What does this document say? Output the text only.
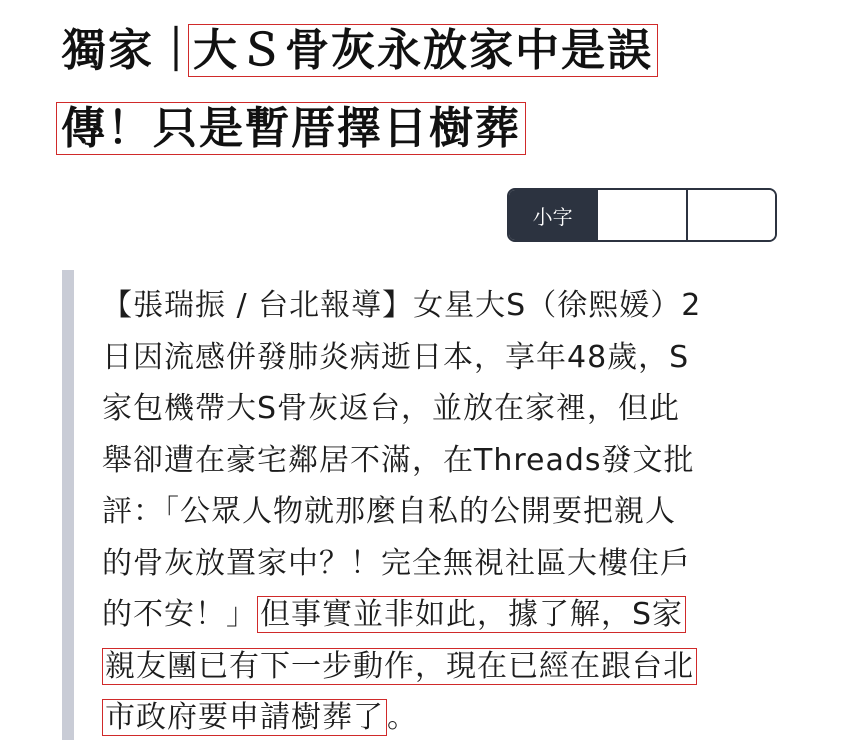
獨家｜大Ｓ骨灰永放家中是誤
傳！只是暫厝擇日樹葬
小字
【張瑞振 / 台北報導】女星大S（徐熙媛）2
日因流感併發肺炎病逝日本，享年48歲，S
家包機帶大S骨灰返台，並放在家裡，但此
舉卻遭在豪宅鄰居不滿，在Threads發文批
評：「公眾人物就那麼自私的公開要把親人
的骨灰放置家中？！完全無視社區大樓住戶
的不安！」 但事實並非如此，據了解，S家
親友團已有下一步動作，現在已經在跟台北
市政府要申請樹葬了 。
